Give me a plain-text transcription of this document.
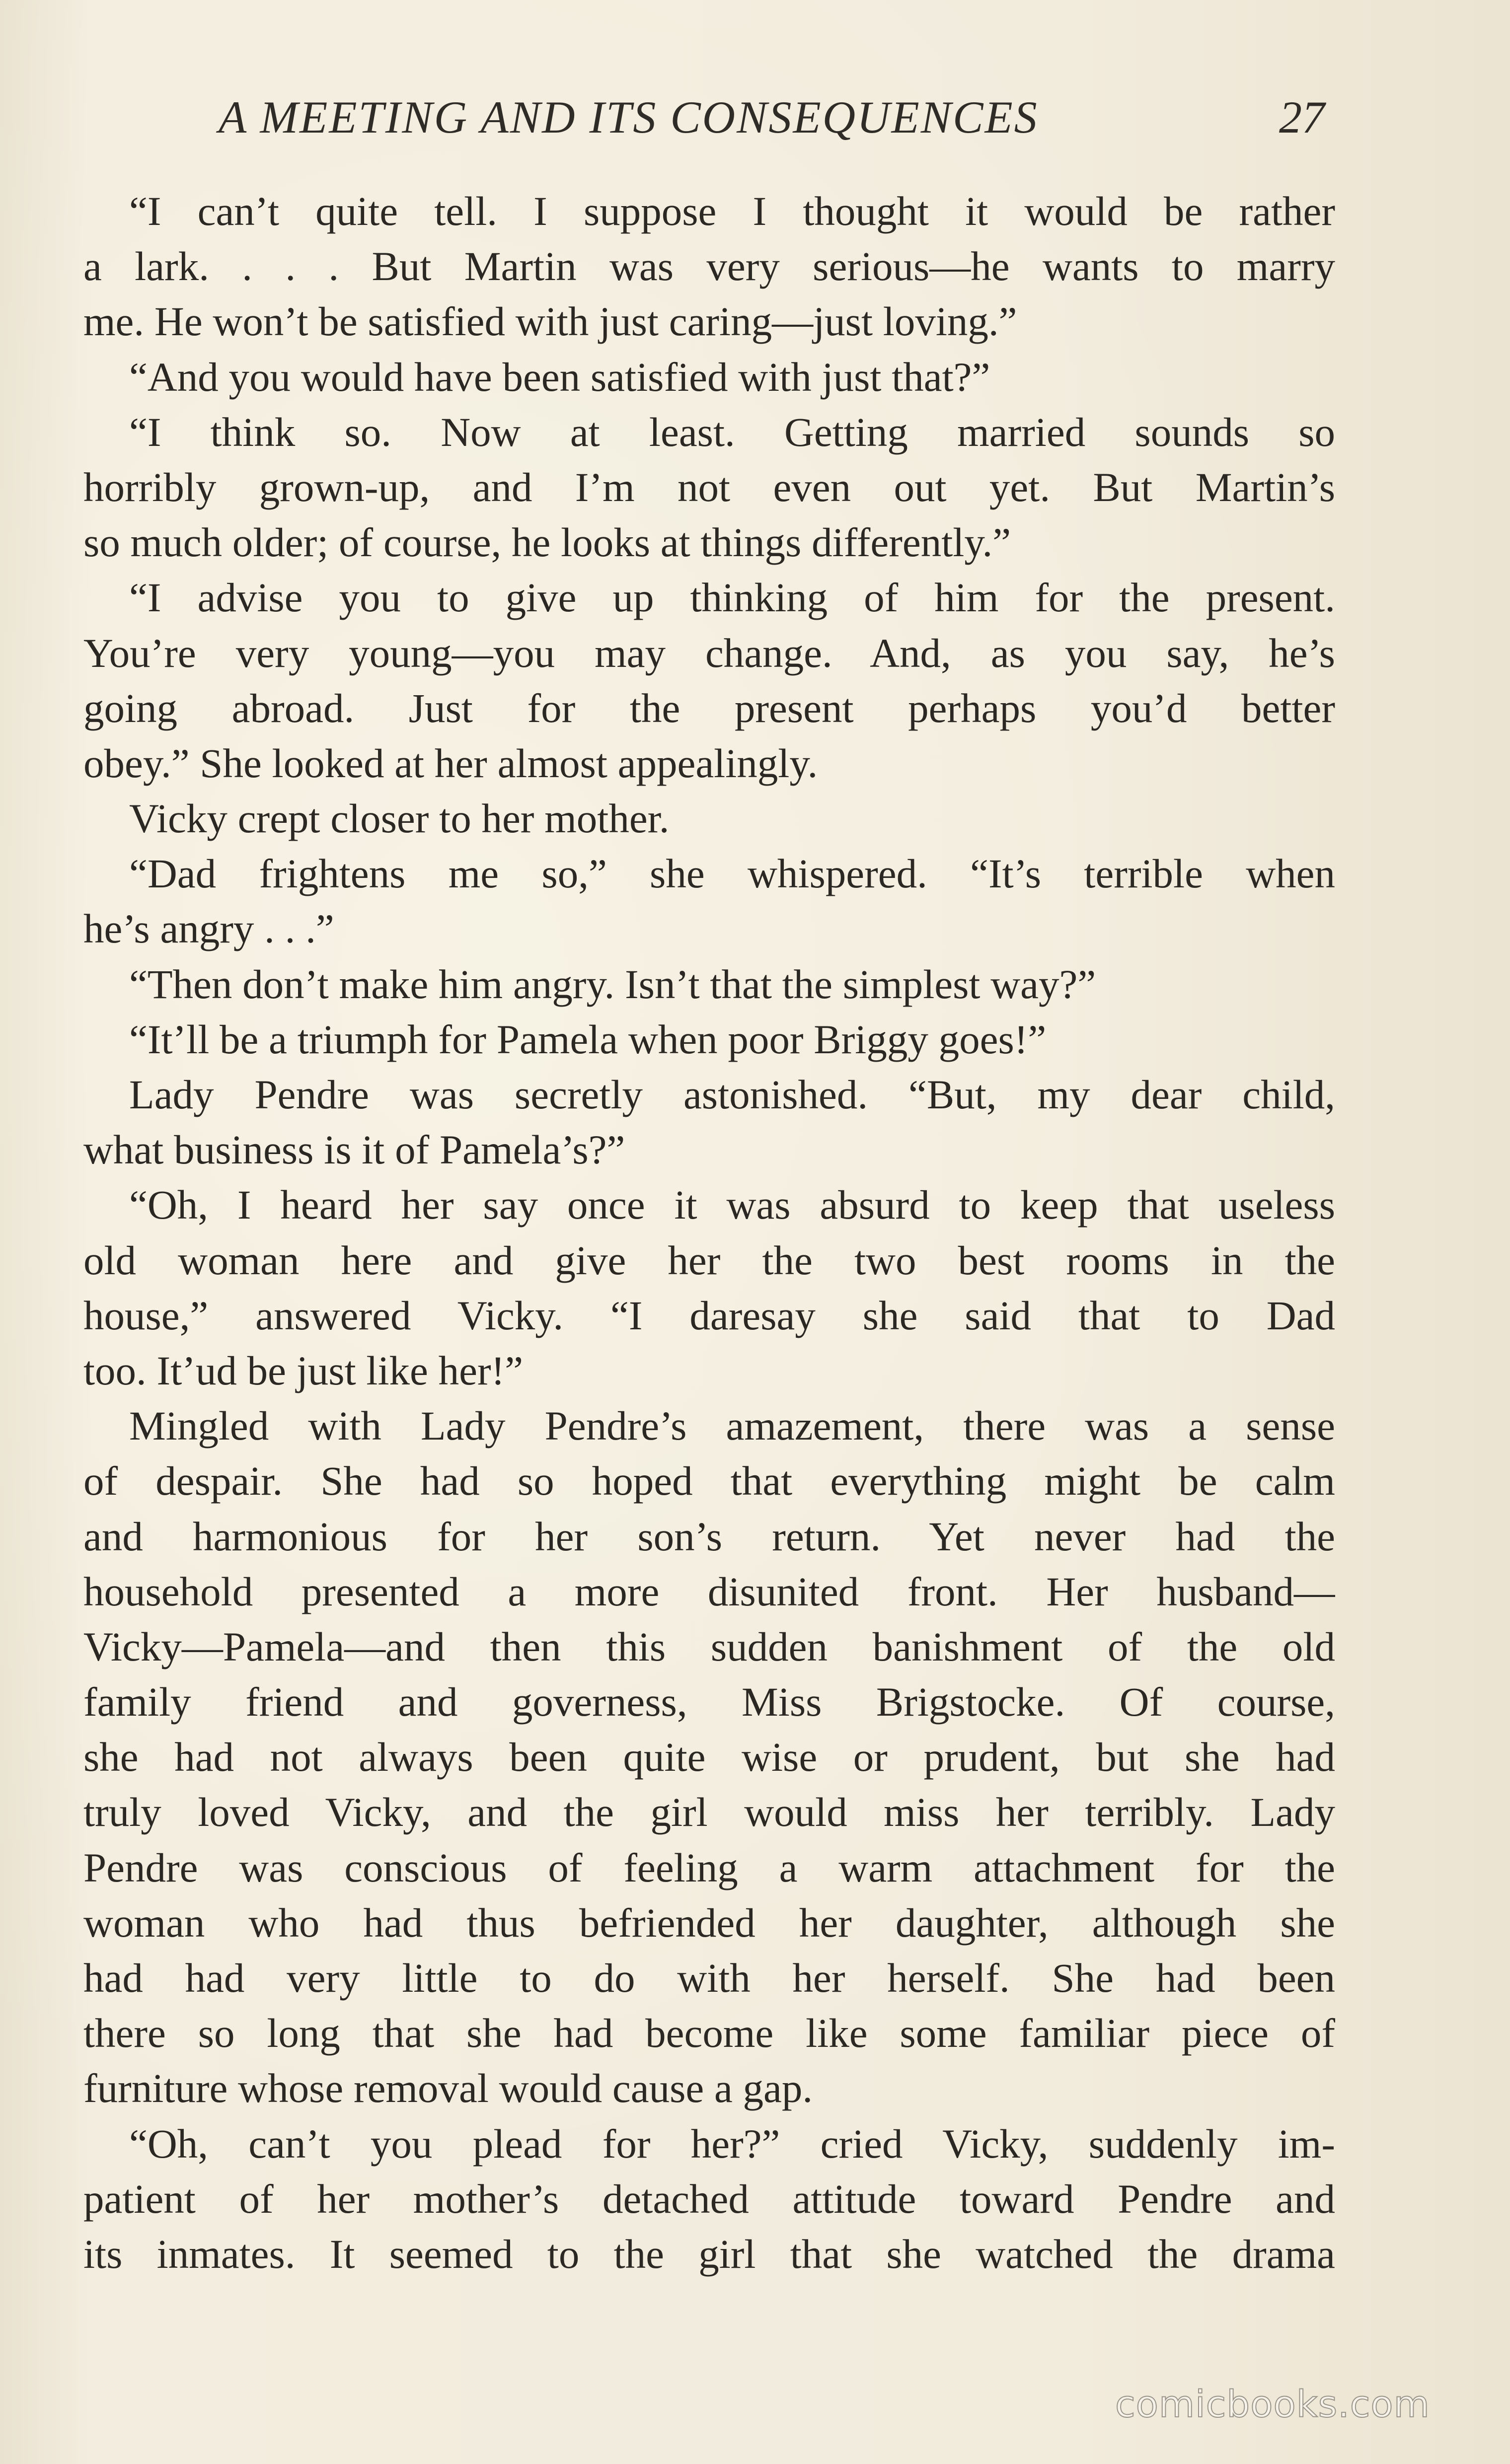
A MEETING AND ITS CONSEQUENCES	27
“I can’t quite tell. I suppose I thought it would be rather
a lark. . . . But Martin was very serious—he wants to marry
me. He won’t be satisfied with just caring—just loving.”
“And you would have been satisfied with just that?”
“I think so. Now at least. Getting married sounds so
horribly grown-up, and I’m not even out yet. But Martin’s
so much older; of course, he looks at things differently.”
“I advise you to give up thinking of him for the present.
You’re very young—you may change. And, as you say, he’s
going abroad. Just for the present perhaps you’d better
obey.” She looked at her almost appealingly.
Vicky crept closer to her mother.
“Dad frightens me so,” she whispered. “It’s terrible when
he’s angry . . .”
“Then don’t make him angry. Isn’t that the simplest way?”
“It’ll be a triumph for Pamela when poor Briggy goes!”
Lady Pendre was secretly astonished. “But, my dear child,
what business is it of Pamela’s?”
“Oh, I heard her say once it was absurd to keep that useless
old woman here and give her the two best rooms in the
house,” answered Vicky. “I daresay she said that to Dad
too. It’ud be just like her!”
Mingled with Lady Pendre’s amazement, there was a sense
of despair. She had so hoped that everything might be calm
and harmonious for her son’s return. Yet never had the
household presented a more disunited front. Her husband—
Vicky—Pamela—and then this sudden banishment of the old
family friend and governess, Miss Brigstocke. Of course,
she had not always been quite wise or prudent, but she had
truly loved Vicky, and the girl would miss her terribly. Lady
Pendre was conscious of feeling a warm attachment for the
woman who had thus befriended her daughter, although she
had had very little to do with her herself. She had been
there so long that she had become like some familiar piece of
furniture whose removal would cause a gap.
“Oh, can’t you plead for her?” cried Vicky, suddenly im-
patient of her mother’s detached attitude toward Pendre and
its inmates. It seemed to the girl that she watched the drama
comicbooks.com
